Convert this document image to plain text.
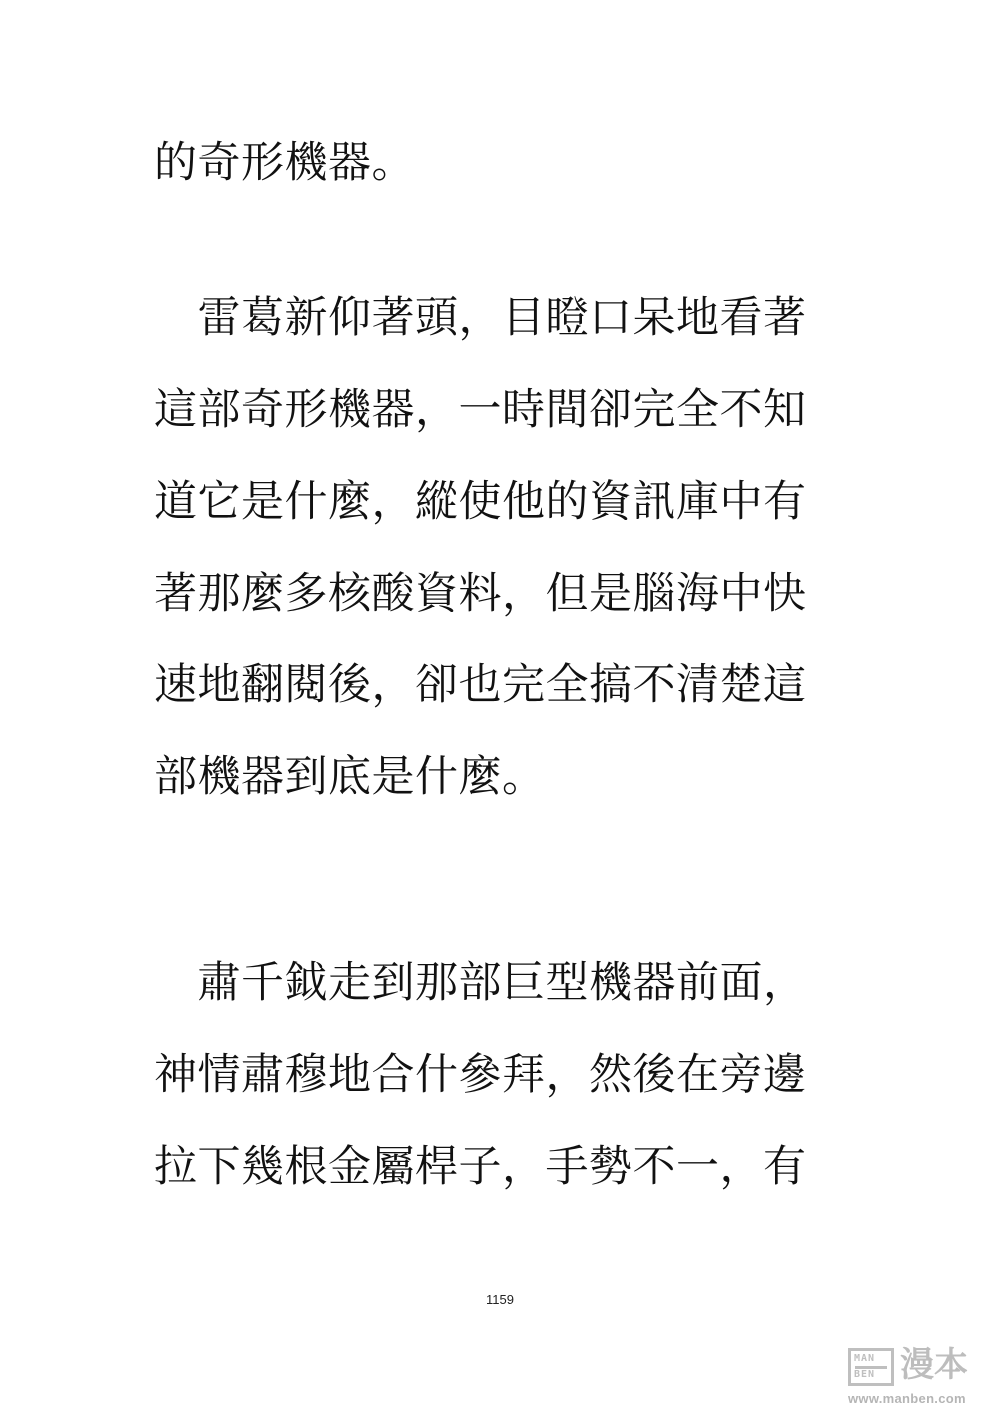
的奇形機器。
　雷葛新仰著頭，目瞪口呆地看著
這部奇形機器，一時間卻完全不知
道它是什麼，縱使他的資訊庫中有
著那麼多核酸資料，但是腦海中快
速地翻閱後，卻也完全搞不清楚這
部機器到底是什麼。
　肅千鉞走到那部巨型機器前面，
神情肅穆地合什參拜，然後在旁邊
拉下幾根金屬桿子，手勢不一，有
1159
MAN BEN 漫本
www.manben.com
